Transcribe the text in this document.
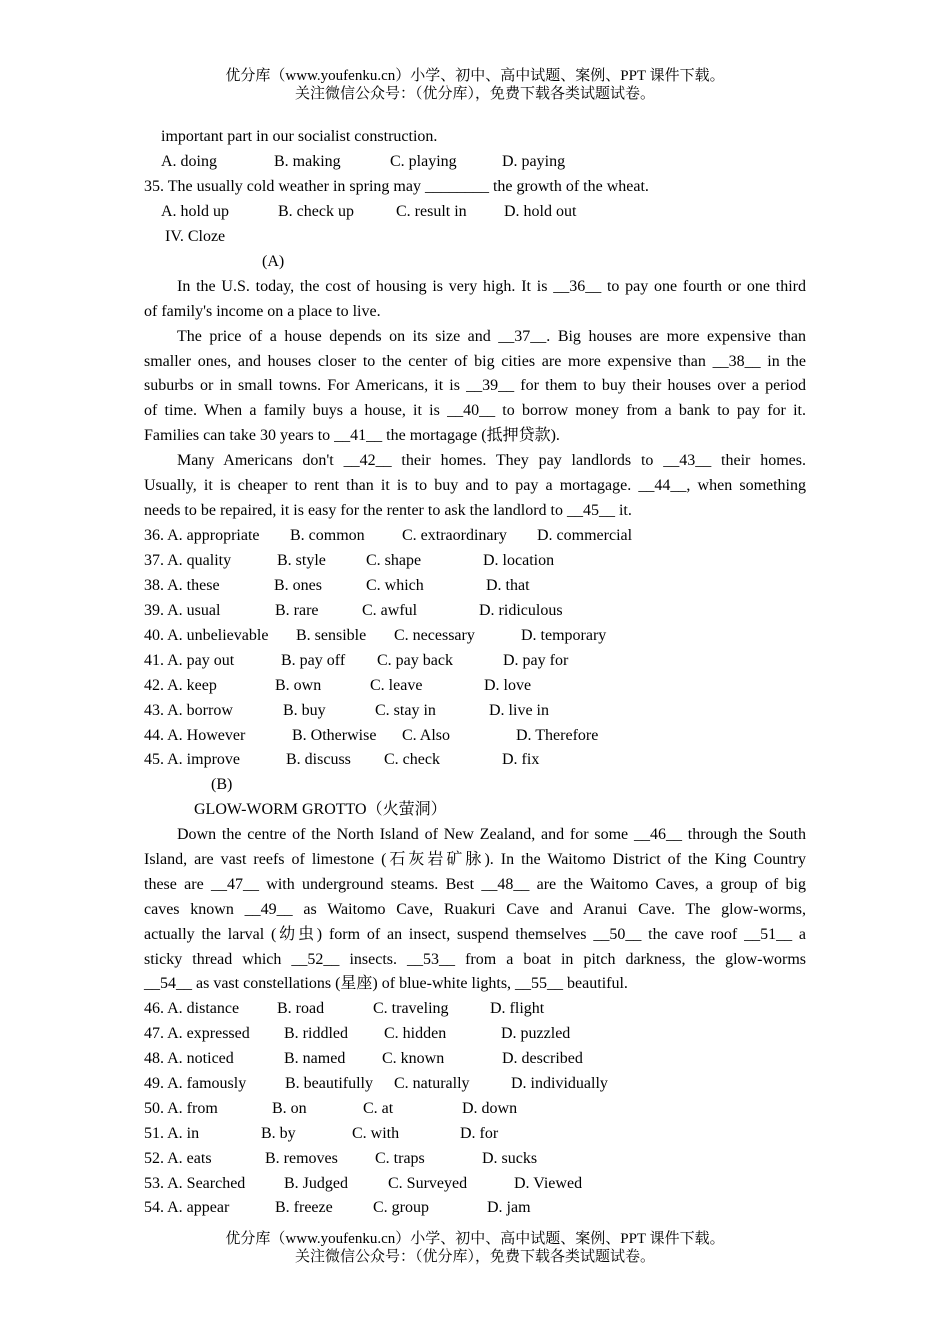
优分库（www.youfenku.cn）小学、初中、高中试题、案例、PPT 课件下载。
关注微信公众号：（优分库），免费下载各类试题试卷。
important part in our socialist construction.
A. doing	B. making	C. playing	D. paying
35. The usually cold weather in spring may ________ the growth of the wheat.
A. hold up	B. check up	C. result in D. hold out
IV. Cloze
(A)
In the U.S. today, the cost of housing is very high. It is __36__ to pay one fourth or one third
of family's income on a place to live.
The price of a house depends on its size and __37__. Big houses are more expensive than
smaller ones, and houses closer to the center of big cities are more expensive than __38__ in the
suburbs or in small towns. For Americans, it is __39__ for them to buy their houses over a period
of time. When a family buys a house, it is __40__ to borrow money from a bank to pay for it.
Families can take 30 years to __41__ the mortagage (抵押贷款).
Many Americans don't __42__ their homes. They pay landlords to __43__ their homes.
Usually, it is cheaper to rent than it is to buy and to pay a mortagage. __44__, when something
needs to be repaired, it is easy for the renter to ask the landlord to __45__ it.
36. A. appropriate B. common C. extraordinary D. commercial
37. A. quality	B. style	C. shape	D. location
38. A. these	B. ones	C. which	D. that
39. A. usual	B. rare	C. awful	D. ridiculous
40. A. unbelievable B. sensible C. necessary	D. temporary
41. A. pay out	B. pay off C. pay back	D. pay for
42. A. keep	B. own	C. leave	D. love
43. A. borrow	B. buy	C. stay in	D. live in
44. A. However	B. Otherwise C. Also	D. Therefore
45. A. improve	B. discuss C. check	D. fix
(B)
GLOW-WORM GROTTO（火萤洞）
Down the centre of the North Island of New Zealand, and for some __46__ through the South
Island, are vast reefs of limestone (石灰岩矿脉). In the Waitomo District of the King Country
these are __47__ with underground steams. Best __48__ are the Waitomo Caves, a group of big
caves known __49__ as Waitomo Cave, Ruakuri Cave and Aranui Cave. The glow-worms,
actually the larval (幼虫) form of an insect, suspend themselves __50__ the cave roof __51__ a
sticky thread which __52__ insects. __53__ from a boat in pitch darkness, the glow-worms
__54__ as vast constellations (星座) of blue-white lights, __55__ beautiful.
46. A. distance B. road	C. traveling	D. flight
47. A. expressed B. riddled C. hidden	D. puzzled
48. A. noticed	B. named C. known	D. described
49. A. famously B. beautifully C. naturally	D. individually
50. A. from	B. on	C. at	D. down
51. A. in	B. by	C. with	D. for
52. A. eats	B. removes C. traps	D. sucks
53. A. Searched B. Judged	C. Surveyed	D. Viewed
54. A. appear	B. freeze	C. group	D. jam
优分库（www.youfenku.cn）小学、初中、高中试题、案例、PPT 课件下载。
关注微信公众号：（优分库），免费下载各类试题试卷。
